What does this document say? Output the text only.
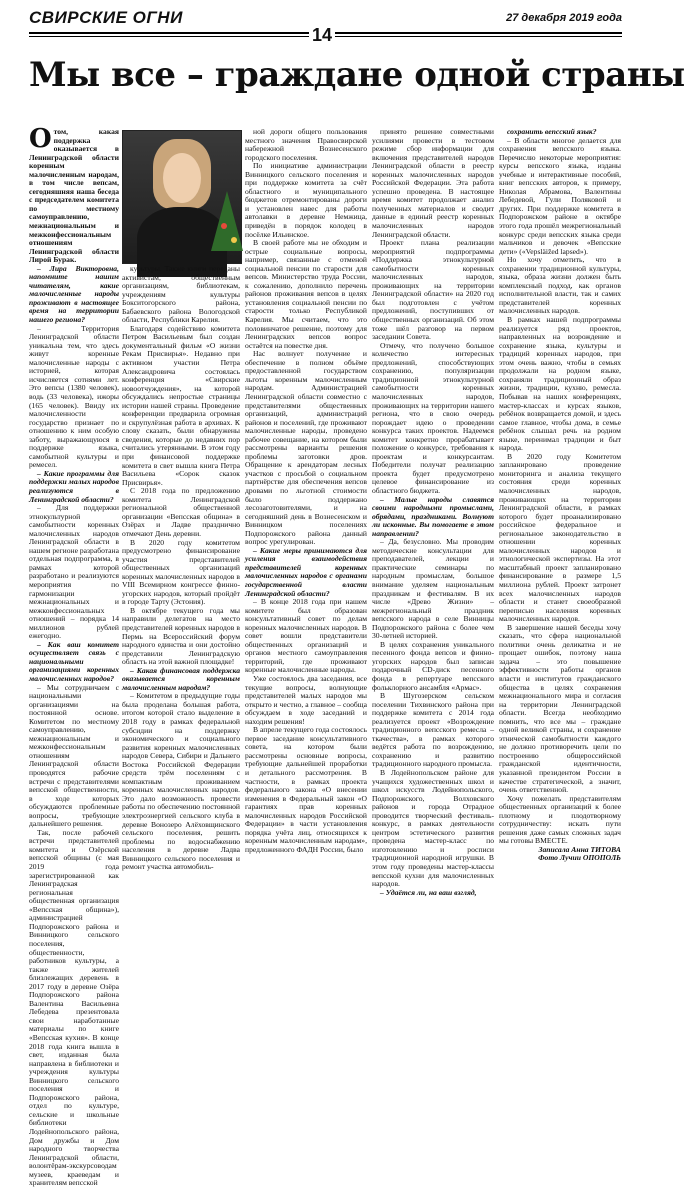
СВИРСКИЕ ОГНИ	27 декабря 2019 года
14
Мы все – граждане одной страны
О том, какая поддержка оказывается в Ленинградской области коренным малочисленным народам, в том числе вепсам, сегодняшняя наша беседа с председателем комитета по местному самоуправлению, межнациональным и межконфессиональным отношениям Ленинградской области Лирой Бурак.

– Лира Викторовна, напомните нашим читателям, какие малочисленные народы проживают в настоящее время на территории нашего региона?

– Территория Ленинградской области уникальна тем, что здесь живут коренные малочисленные народы с историей, которая исчисляется сотнями лет. Это вепсы (1380 человек), водь (33 человека), ижоры (165 человек). Ввиду их малочисленности государство признает по отношению к ним особую заботу, выражающуюся в поддержке языка, самобытной культуры и ремесел.

– Какие программы для поддержки малых народов реализуются в Ленинградской области?

– Для поддержки этнокультурной самобытности коренных малочисленных народов Ленинградской области в нашем регионе разработана отдельная подпрограмма, в рамках которой разработано и реализуются мероприятия по гармонизации межнациональных и межконфессиональных отношений – порядка 14 миллионов рублей ежегодно.

– Как ваш комитет осуществляет связь с национальными организациями коренных малочисленных народов?

– Мы сотрудничаем с национальными организациями на постоянной основе. Комитетом по местному самоуправлению, межнациональным и межконфессиональным отношениям Ленинградской области проводятся рабочие встречи с представителями вепсской общественности, в ходе которых обсуждаются проблемные вопросы, требующие дальнейшего решения.

Так, после рабочей встречи представителей комитета и Озёрской вепсской общины (с мая 2019 года зарегистрированной как Ленинградская региональная общественная организация «Вепсская община»), администрацией Подпорожского района и Винницкого сельского поселения, общественности, работников культуры, а также жителей близлежащих деревень в 2017 году в деревне Озёра Подпорожского района Валентина Васильевна Лебедева презентовала свои наработанные материалы по книге «Вепсская кухня». В конце 2018 года книга вышла в свет, изданная была направлена в библиотеки и учреждения культуры Винницкого сельского поселения и Подпорожского района, отдел по культуре, сельские и школьные библиотеки Лодейнопольского района, Дом дружбы и Дом народного творчества Ленинградской области, волонтёрам-экскурсоводам музеев, краеведам и хранителям вепсской

культуры. Также книги переданы активистам, общественным организациям, библиотекам, учреждениям культуры Бокситогорского района, Бабаевского района Вологодской области, Республики Карелия.

Благодаря содействию комитета Петром Васильевым был создан документальный фильм «О жизни Рекам Присвирья». Недавно при активном участии Петра Александровича состоялась конференция «Свирские новоотчуждения», на которой обсуждались непростые страницы истории нашей страны. Проведение конференции предварила огромная и скрупулёзная работа в архивах. К слову сказать, были обнаружены сведения, которые до недавних пор считались утерянными. В этом году при финансовой поддержке комитета в свет вышла книга Петра Васильева «Сорок сказок Присвирья».

С 2018 года по предложению комитета Ленинградской региональной общественной организации «Вепсская община» в Озёрах и Ладве празднично отмечают День деревни.

В 2020 году комитетом предусмотрено финансирование участия представителей общественных организаций коренных малочисленных народов в VIII Всемирном конгрессе финно-угорских народов, который пройдёт в городе Тарту (Эстония).

В октябре текущего года мы направили делегатов на место представителей коренных народов в Пермь на Всероссийский форум народного единства и они достойно представили Ленинградскую область на этой важной площадке!

– Какая финансовая поддержка оказывается коренным малочисленным народам?

– Комитетом в предыдущие годы была проделана большая работа, итогом которой стало выделение в 2018 году в рамках федеральной субсидии на поддержку экономического и социального развития коренных малочисленных народов Севера, Сибири и Дальнего Востока Российской Федерации средств трём поселениям с компактным проживанием коренных малочисленных народов. Это дало возможность провести работы по обеспечению постоянной электроэнергией сельского клуба в деревне Вонозеро Алёховщинского сельского поселения, решить проблемы по водоснабжению населения в деревне Ладва Винницкого сельского поселения и ремонт участка автомобиль-

ной дороги общего пользования местного значения Правосвирской набережной Вознесенского городского поселения.

По инициативе администрации Винницкого сельского поселения и при поддержке комитета за счёт областного и муниципального бюджетов отремонтированы дороги и установлен навес для работы автолавки в деревне Немжица, приведён в порядок колодец в посёлке Ильинское.

В своей работе мы не обходим и острые социальные вопросы, например, связанные с отменой социальной пенсии по старости для вепсов. Министерство труда России, к сожалению, дополнило перечень районов проживания вепсов в целях установления социальной пенсии по старости только Республикой Карелия. Мы считаем, что это половинчатое решение, поэтому для Ленинградских вепсов вопрос остаётся на повестке дня.

Нас волнует получение и обеспечение в полном объёме предоставленной государством льготы коренным малочисленным народам. Администрацией Ленинградской области совместно с представителями общественных организаций, администраций районов и поселений, где проживают малочисленные народы, проведено рабочее совещание, на котором были рассмотрены варианты решения проблемы заготовки дров. Обращение к арендаторам лесных участков с просьбой о социальном партнёрстве для обеспечения вепсов дровами по льготной стоимости было поддержано лесозаготовителями, и на сегодняшний день в Вознесенском и Винницком поселениях Подпорожского района данный вопрос урегулирован.

– Какие меры принимаются для усиления взаимодействия представителей коренных малочисленных народов с органами государственной власти Ленинградской области?

– В конце 2018 года при нашем комитете был образован консультативный совет по делам коренных малочисленных народов. В совет вошли представители общественных организаций и органов местного самоуправления территорий, где проживают коренные малочисленные народы.

Уже состоялось два заседания, все текущие вопросы, волнующие представителей малых народов мы открыто и честно, а главное – сообща обсуждаем в ходе заседаний и находим решения!

В апреле текущего года состоялось первое заседание консультативного совета, на котором были рассмотрены основные вопросы, требующие дальнейшей проработки и детального рассмотрения. В частности, в рамках проекта федерального закона «О внесении изменения в Федеральный закон «О гарантиях прав коренных малочисленных народов Российской Федерации» в части установления порядка учёта лиц, относящихся к коренным малочисленным народам», предложенного ФАДН России, было

принято решение совместными усилиями провести в тестовом режиме сбор информации для включения представителей народов Ленинградской области в реестр коренных малочисленных народов Российской Федерации. Эта работа успешно проведена. В настоящее время комитет продолжает анализ полученных материалов и сводит данные в единый реестр коренных малочисленных народов Ленинградской области.

Проект плана реализации мероприятий подпрограммы «Поддержка этнокультурной самобытности коренных малочисленных народов, проживающих на территории Ленинградской области» на 2020 год был подготовлен с учётом предложений, поступивших от общественных организаций. Об этом тоже шёл разговор на первом заседании Совета.

Отмечу, что получено большое количество интересных предложений, способствующих сохранению, популяризации традиционной этнокультурной самобытности коренных малочисленных народов, проживающих на территории нашего региона, что в свою очередь порождает идею о проведении конкурса таких проектов. Надеемся комитет конкретно прорабатывает положение о конкурсе, требования к проектам и конкурсантам. Победители получат реализацию проекта будет предусмотрено целевое финансирование из областного бюджета.

– Малые народы славятся своими народными промыслами, обрядами, праздниками. Волнуют ли исконные. Вы помогаете в этом направлении?

– Да, безусловно. Мы проводим методические консультации для преподавателей, лекции и практические семинары по народным промыслам, большое внимание уделяем национальным праздникам и фестивалям. В их числе «Древо Жизни» – межрегиональный праздник вепсского народа в селе Винницы Подпорожского района с более чем 30-летней историей.

В целях сохранения уникального песенного фонда вепсов и финно-угорских народов был записан подарочный CD-диск песенного фонда в репертуаре вепсского фольклорного ансамбля «Армас».

В Шугозерском сельском поселении Тихвинского района при поддержке комитета с 2014 года реализуется проект «Возрождение традиционного вепсского ремесла – ткачества», в рамках которого ведётся работа по возрождению, сохранению и развитию традиционного народного промысла.

В Лодейнопольском районе для учащихся художественных школ и школ искусств Лодейнопольского, Подпорожского, Волховского районов и города Отрадное проводится творческий фестиваль-конкурс, в рамках деятельности центром эстетического развития проведена мастер-класс по изготовлению и росписи традиционной народной игрушки. В этом году проведены мастер-классы вепсской кухни для малочисленных народов.

– Удаётся ли, на ваш взгляд,

сохранить вепсский язык?

– В области многое делается для сохранения вепсского языка. Перечислю некоторые мероприятия: курсы вепсского языка, изданы учебные и интерактивные пособий, книг вепсских авторов, к примеру, Николая Абрамова, Валентины Лебедевой, Гули Поляковой и других. При поддержке комитета в Подпорожском районе в октябре этого года прошёл межрегиональный конкурс среди вепсских языка среди мальчиков и девочек «Вепсские дети» («Vepsläižed lapsed»).

Но хочу отметить, что в сохранении традиционной культуры, языка, образа жизни должен быть комплексный подход, как органов исполнительной власти, так и самих представителей коренных малочисленных народов.

В рамках нашей подпрограммы реализуется ряд проектов, направленных на возрождение и сохранение языка, культуры и традиций коренных народов, при этом очень важно, чтобы в семьях продолжали на родном языке, сохраняли традиционный образ жизни, традиции, кухню, ремесла. Побывав на наших конференциях, мастер-классах и курсах языков, ребёнок возвращается домой, и здесь самое главное, чтобы дома, в семье ребёнок слышал речь на родном языке, перенимал традиции и быт народа.

В 2020 году Комитетом запланировано проведение мониторинга и анализа текущего состояния среди коренных малочисленных народов, проживающих на территории Ленинградской области, в рамках которого будет проанализировано российское федеральное и региональное законодательство в отношении коренных малочисленных народов и этнологической экспертизы. На этот масштабный проект запланировано финансирование в размере 1,5 миллиона рублей. Проект затронет всех малочисленных народов области и станет своеобразной переписью населения коренных малочисленных народов.

В завершение нашей беседы хочу сказать, что сфера национальной политики очень деликатна и не прощает ошибок, поэтому наша задача – это повышение эффективности работы органов власти и институтов гражданского общества в целях сохранения межнационального мира и согласия на территории Ленинградской области. Всегда необходимо помнить, что все мы – граждане одной великой страны, и сохранение этнической самобытности каждого не должно противоречить цели по построению общероссийской гражданской идентичности, указанной президентом России в качестве стратегической, а значит, очень ответственной.

Хочу пожелать представителям общественных организаций к более плотному и плодотворному сотрудничеству: искать пути решения даже самых сложных задач мы готовы ВМЕСТЕ.

Записала Анна ТИТОВА

Фото Лучии ОПОПОЛЬ
